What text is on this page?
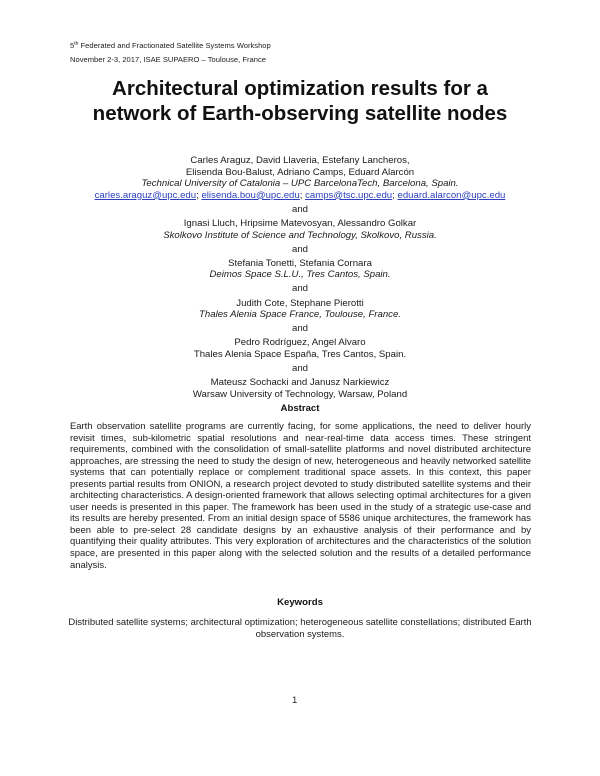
5th Federated and Fractionated Satellite Systems Workshop
November 2-3, 2017, ISAE SUPAERO – Toulouse, France
Architectural optimization results for a
network of Earth-observing satellite nodes
Carles Araguz, David Llaveria, Estefany Lancheros,
Elisenda Bou-Balust, Adriano Camps, Eduard Alarcón
Technical University of Catalonia – UPC BarcelonaTech, Barcelona, Spain.
carles.araguz@upc.edu; elisenda.bou@upc.edu; camps@tsc.upc.edu; eduard.alarcon@upc.edu
and
Ignasi Lluch, Hripsime Matevosyan, Alessandro Golkar
Skolkovo Institute of Science and Technology, Skolkovo, Russia.
and
Stefania Tonetti, Stefania Cornara
Deimos Space S.L.U., Tres Cantos, Spain.
and
Judith Cote, Stephane Pierotti
Thales Alenia Space France, Toulouse, France.
and
Pedro Rodríguez, Angel Alvaro
Thales Alenia Space España, Tres Cantos, Spain.
and
Mateusz Sochacki and Janusz Narkiewicz
Warsaw University of Technology, Warsaw, Poland
Abstract
Earth observation satellite programs are currently facing, for some applications, the need to deliver hourly revisit times, sub-kilometric spatial resolutions and near-real-time data access times. These stringent requirements, combined with the consolidation of small-satellite platforms and novel distributed architecture approaches, are stressing the need to study the design of new, heterogeneous and heavily networked satellite systems that can potentially replace or complement traditional space assets. In this context, this paper presents partial results from ONION, a research project devoted to study distributed satellite systems and their architecting characteristics. A design-oriented framework that allows selecting optimal architectures for a given user needs is presented in this paper. The framework has been used in the study of a strategic use-case and its results are hereby presented. From an initial design space of 5586 unique architectures, the framework has been able to pre-select 28 candidate designs by an exhaustive analysis of their performance and by quantifying their quality attributes. This very exploration of architectures and the characteristics of the solution space, are presented in this paper along with the selected solution and the results of a detailed performance analysis.
Keywords
Distributed satellite systems; architectural optimization; heterogeneous satellite constellations; distributed Earth observation systems.
1
